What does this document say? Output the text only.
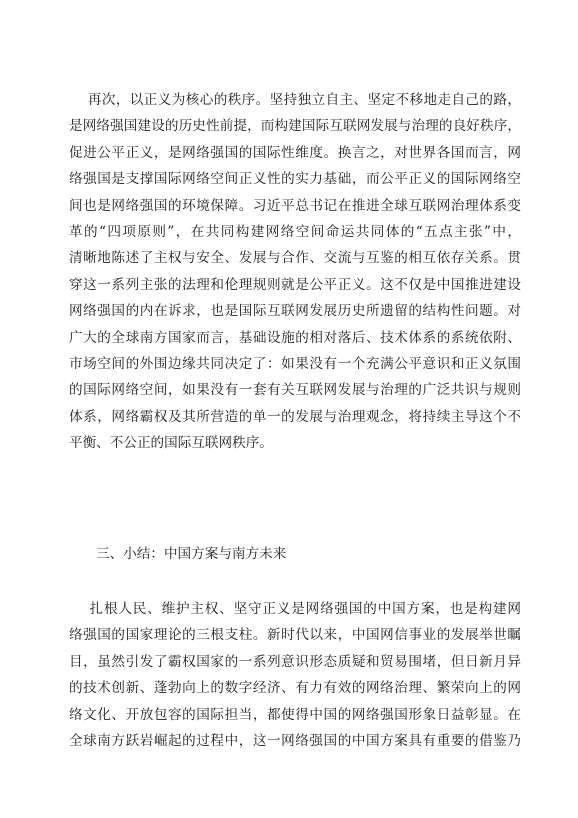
再次，以正义为核心的秩序。坚持独立自主、坚定不移地走自己的路，
是网络强国建设的历史性前提，而构建国际互联网发展与治理的良好秩序，
促进公平正义，是网络强国的国际性维度。换言之，对世界各国而言，网
络强国是支撑国际网络空间正义性的实力基础，而公平正义的国际网络空
间也是网络强国的环境保障。习近平总书记在推进全球互联网治理体系变
革的“四项原则”，在共同构建网络空间命运共同体的“五点主张”中，
清晰地陈述了主权与安全、发展与合作、交流与互鉴的相互依存关系。贯
穿这一系列主张的法理和伦理规则就是公平正义。这不仅是中国推进建设
网络强国的内在诉求，也是国际互联网发展历史所遗留的结构性问题。对
广大的全球南方国家而言，基础设施的相对落后、技术体系的系统依附、
市场空间的外围边缘共同决定了：如果没有一个充满公平意识和正义氛围
的国际网络空间，如果没有一套有关互联网发展与治理的广泛共识与规则
体系，网络霸权及其所营造的单一的发展与治理观念，将持续主导这个不
平衡、不公正的国际互联网秩序。
三、小结：中国方案与南方未来
扎根人民、维护主权、坚守正义是网络强国的中国方案，也是构建网
络强国的国家理论的三根支柱。新时代以来，中国网信事业的发展举世瞩
目，虽然引发了霸权国家的一系列意识形态质疑和贸易围堵，但日新月异
的技术创新、蓬勃向上的数字经济、有力有效的网络治理、繁荣向上的网
络文化、开放包容的国际担当，都使得中国的网络强国形象日益彰显。在
全球南方跃岩崛起的过程中，这一网络强国的中国方案具有重要的借鉴乃
